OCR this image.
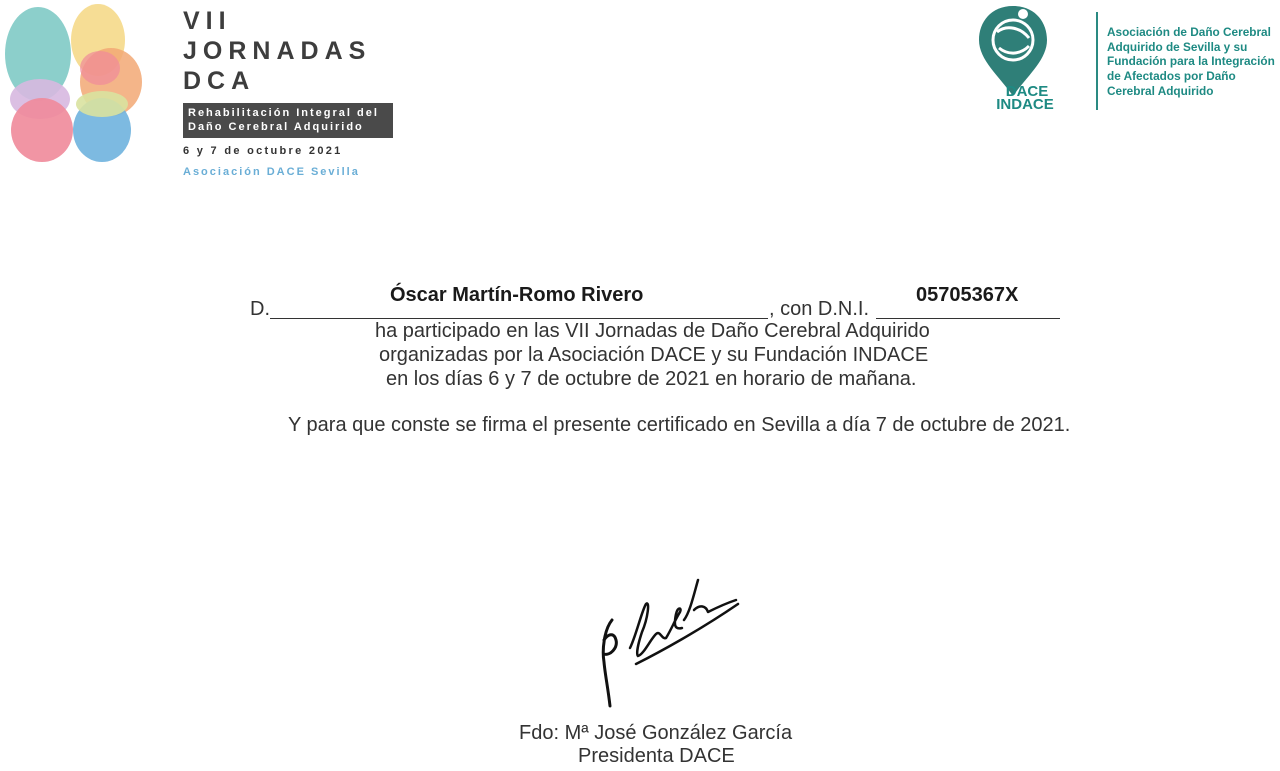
VII
JORNADAS
DCA
Rehabilitación Integral del
Daño Cerebral Adquirido
6 y 7 de octubre 2021
Asociación DACE Sevilla
DACE
INDACE
Asociación de Daño Cerebral
Adquirido de Sevilla y su
Fundación para la Integración
de Afectados por Daño
Cerebral Adquirido
D.
Óscar Martín-Romo Rivero
, con D.N.I.
05705367X
ha participado en las VII Jornadas de Daño Cerebral Adquirido
organizadas por la Asociación DACE y su Fundación INDACE
en los días 6 y 7 de octubre de 2021 en horario de mañana.
Y para que conste se firma el presente certificado en Sevilla a día 7 de octubre de 2021.
Fdo: Mª José González García
Presidenta DACE
